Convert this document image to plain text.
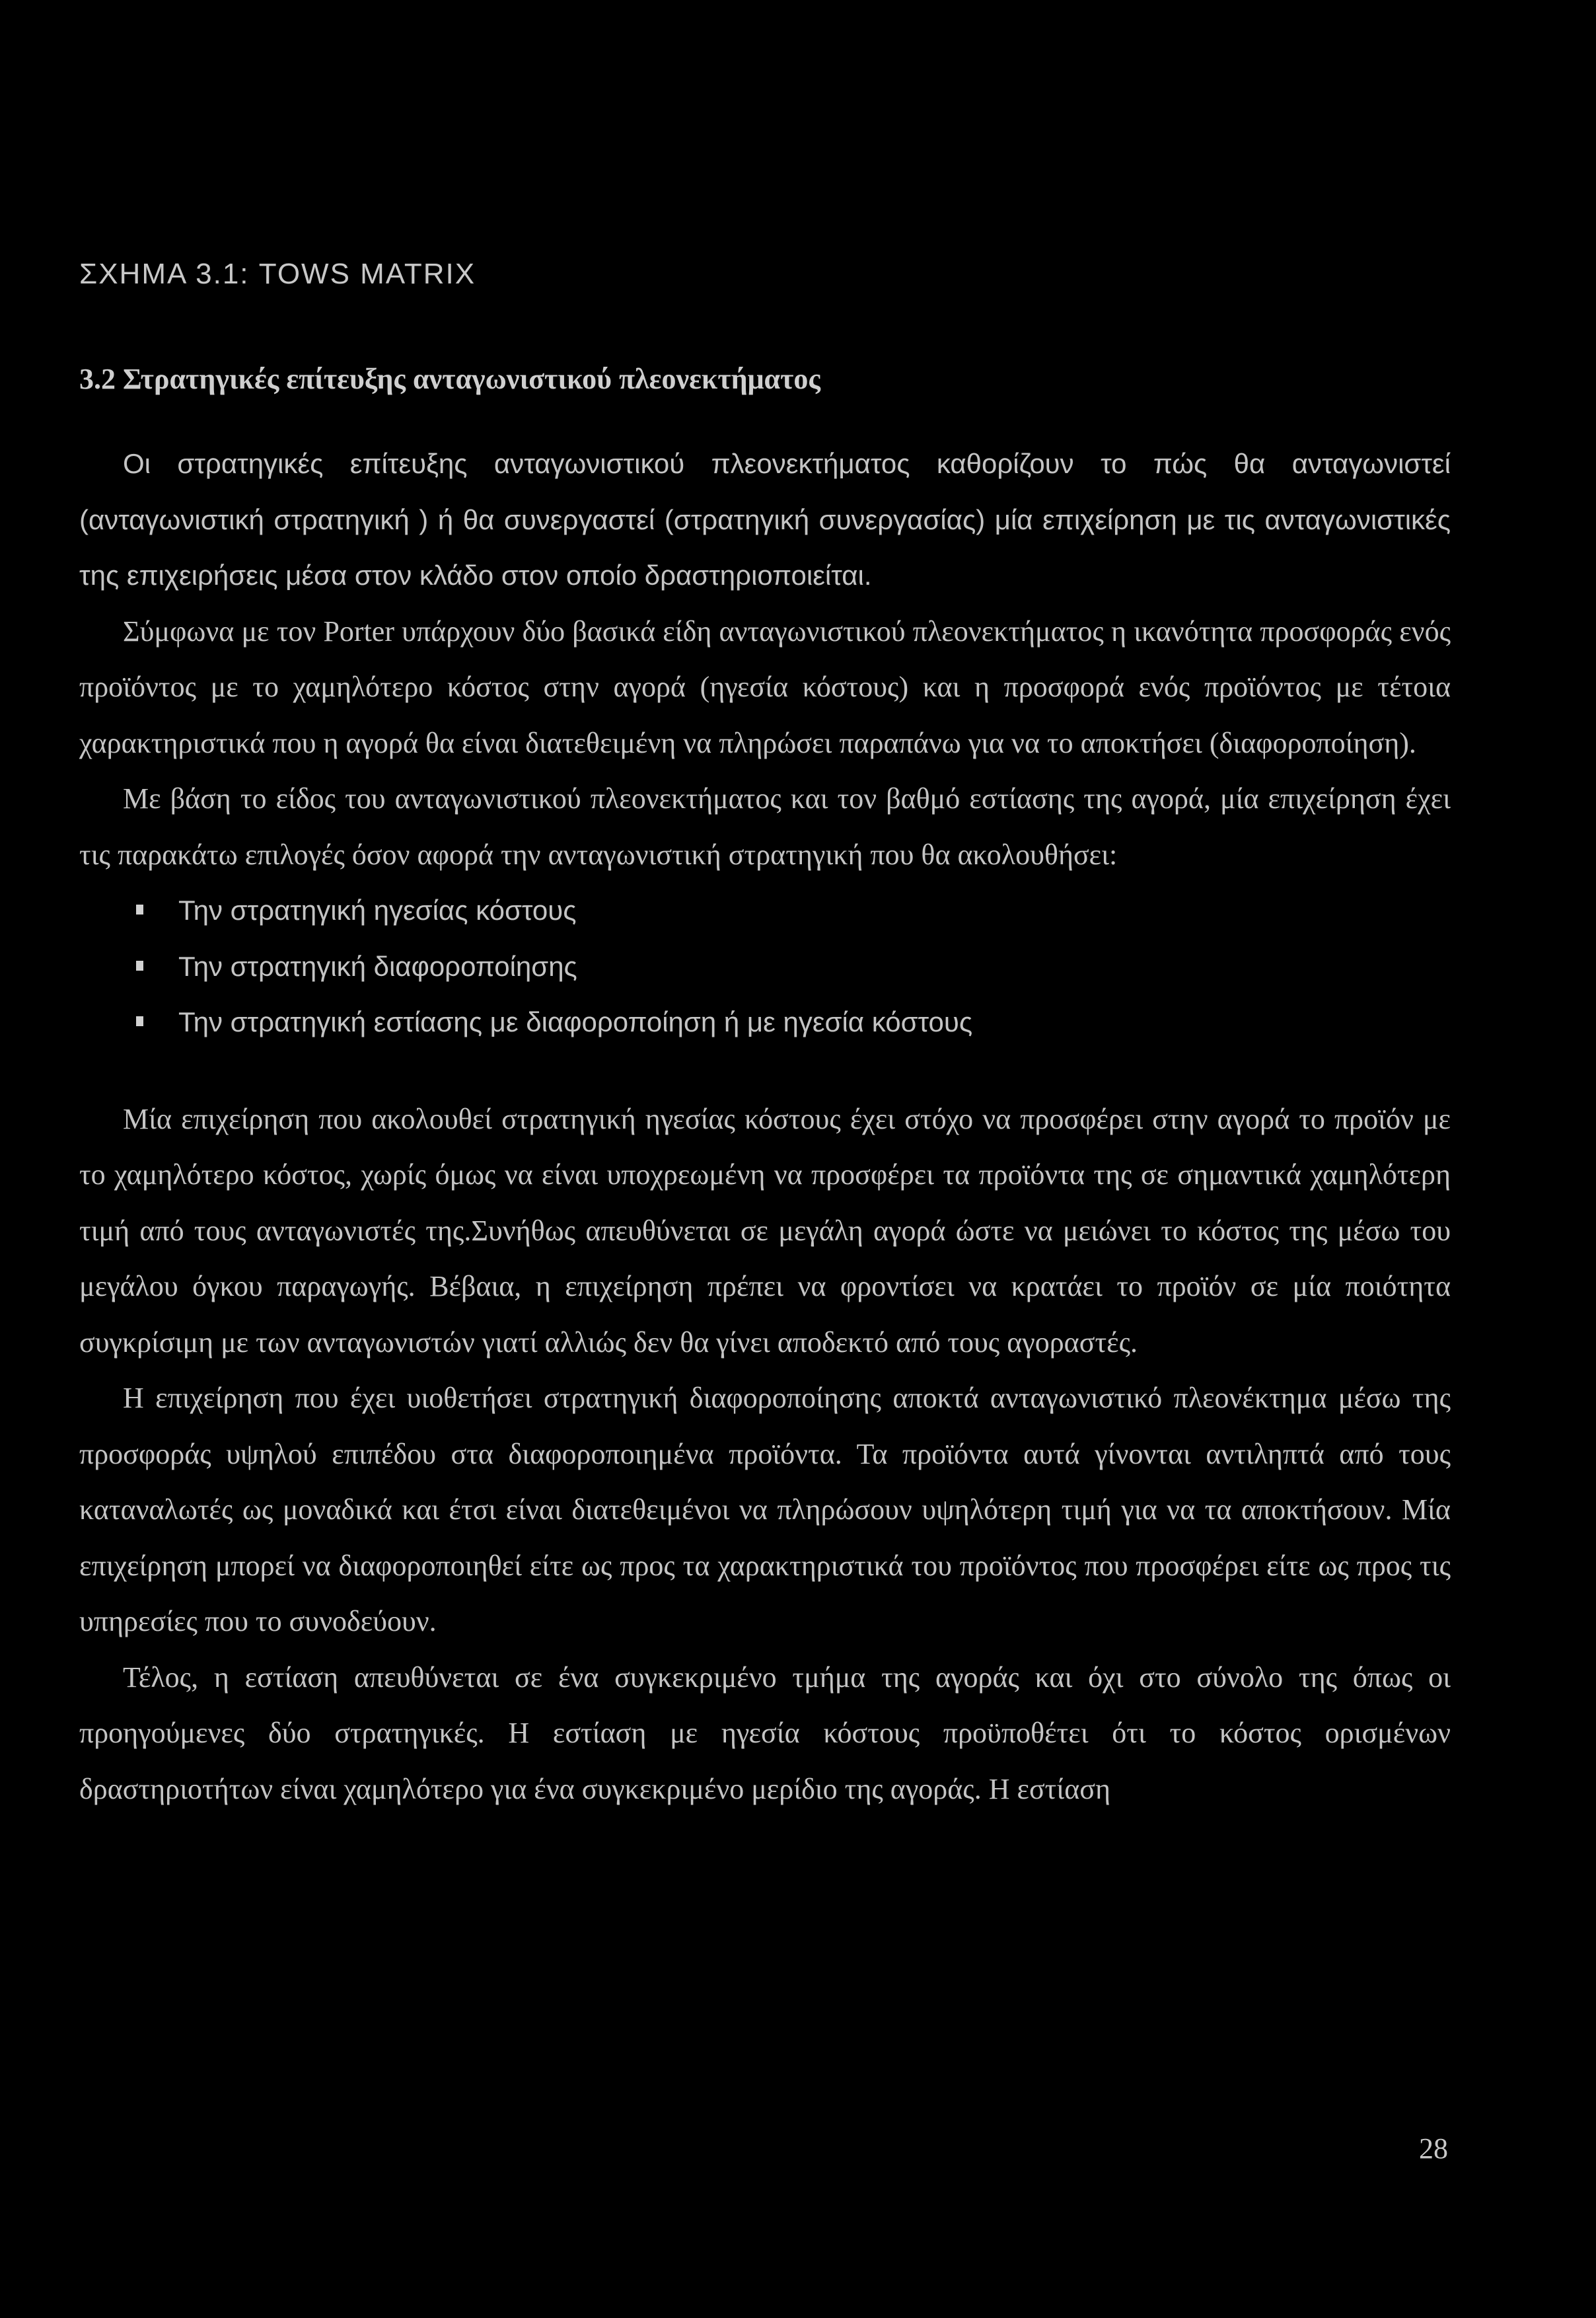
ΣΧΗΜΑ 3.1: TOWS MATRIX
3.2 Στρατηγικές επίτευξης ανταγωνιστικού πλεονεκτήματος

Οι στρατηγικές επίτευξης ανταγωνιστικού πλεονεκτήματος καθορίζουν το πώς θα ανταγωνιστεί (ανταγωνιστική στρατηγική ) ή θα συνεργαστεί (στρατηγική συνεργασίας) μία επιχείρηση με τις ανταγωνιστικές της επιχειρήσεις μέσα στον κλάδο στον οποίο δραστηριοποιείται.

Σύμφωνα με τον Porter υπάρχουν δύο βασικά είδη ανταγωνιστικού πλεονεκτήματος η ικανότητα προσφοράς ενός προϊόντος με το χαμηλότερο κόστος στην αγορά (ηγεσία κόστους) και η προσφορά ενός προϊόντος με τέτοια χαρακτηριστικά που η αγορά θα είναι διατεθειμένη να πληρώσει παραπάνω για να το αποκτήσει (διαφοροποίηση).

Με βάση το είδος του ανταγωνιστικού πλεονεκτήματος και τον βαθμό εστίασης της αγορά, μία επιχείρηση έχει τις παρακάτω επιλογές όσον αφορά την ανταγωνιστική στρατηγική που θα ακολουθήσει:

Την στρατηγική ηγεσίας κόστους
Την στρατηγική διαφοροποίησης
Την στρατηγική εστίασης με διαφοροποίηση ή με ηγεσία κόστους

Μία επιχείρηση που ακολουθεί στρατηγική ηγεσίας κόστους έχει στόχο να προσφέρει στην αγορά το προϊόν με το χαμηλότερο κόστος, χωρίς όμως να είναι υποχρεωμένη να προσφέρει τα προϊόντα της σε σημαντικά χαμηλότερη τιμή από τους ανταγωνιστές της.Συνήθως απευθύνεται σε μεγάλη αγορά ώστε να μειώνει το κόστος της μέσω του μεγάλου όγκου παραγωγής. Βέβαια, η επιχείρηση πρέπει να φροντίσει να κρατάει το προϊόν σε μία ποιότητα συγκρίσιμη με των ανταγωνιστών γιατί αλλιώς δεν θα γίνει αποδεκτό από τους αγοραστές.

Η επιχείρηση που έχει υιοθετήσει στρατηγική διαφοροποίησης αποκτά ανταγωνιστικό πλεονέκτημα μέσω της προσφοράς υψηλού επιπέδου στα διαφοροποιημένα προϊόντα. Τα προϊόντα αυτά γίνονται αντιληπτά από τους καταναλωτές ως μοναδικά και έτσι είναι διατεθειμένοι να πληρώσουν υψηλότερη τιμή για να τα αποκτήσουν. Μία επιχείρηση μπορεί να διαφοροποιηθεί είτε ως προς τα χαρακτηριστικά του προϊόντος που προσφέρει είτε ως προς τις υπηρεσίες που το συνοδεύουν.

Τέλος, η εστίαση απευθύνεται σε ένα συγκεκριμένο τμήμα της αγοράς και όχι στο σύνολο της όπως οι προηγούμενες δύο στρατηγικές. Η εστίαση με ηγεσία κόστους προϋποθέτει ότι το κόστος ορισμένων δραστηριοτήτων είναι χαμηλότερο για ένα συγκεκριμένο μερίδιο της αγοράς. Η εστίαση

28
